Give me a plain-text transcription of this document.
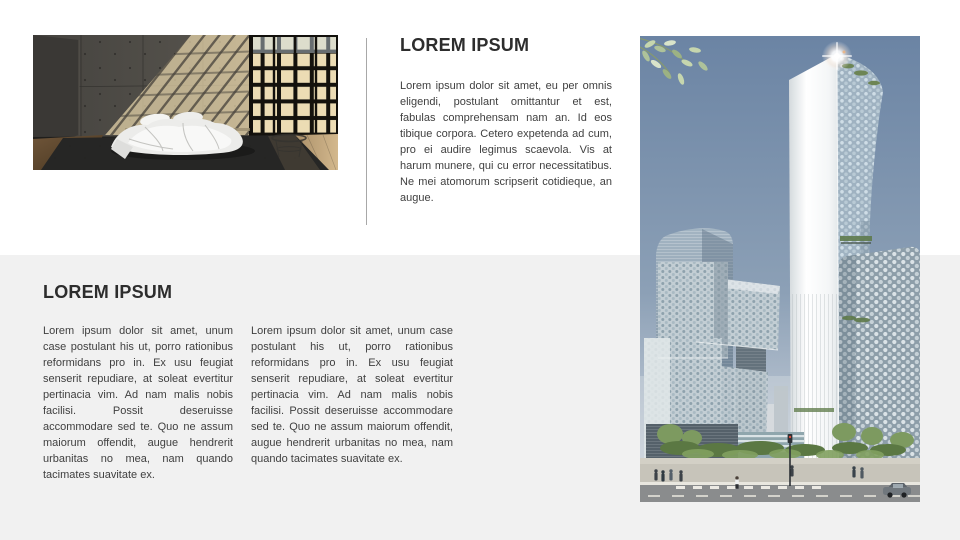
LOREM IPSUM

Lorem ipsum dolor sit amet, eu per omnis eligendi, postulant omittantur et est, fabulas comprehensam nam an. Id eos tibique corpora. Cetero expetenda ad cum, pro ei audire legimus scaevola. Vis at harum munere, qui cu error necessitatibus. Ne mei atomorum scripserit cotidieque, an augue.

LOREM IPSUM

Lorem ipsum dolor sit amet, unum case postulant his ut, porro rationibus reformidans pro in. Ex usu feugiat senserit repudiare, at soleat evertitur pertinacia vim. Ad nam malis nobis facilisi. Possit deseruisse accommodare sed te. Quo ne assum maiorum offendit, augue hendrerit urbanitas no mea, nam quando tacimates suavitate ex.

Lorem ipsum dolor sit amet, unum case postulant his ut, porro rationibus reformidans pro in. Ex usu feugiat senserit repudiare, at soleat evertitur pertinacia vim. Ad nam malis nobis facilisi. Possit deseruisse accommodare sed te. Quo ne assum maiorum offendit, augue hendrerit urbanitas no mea, nam quando tacimates suavitate ex.
